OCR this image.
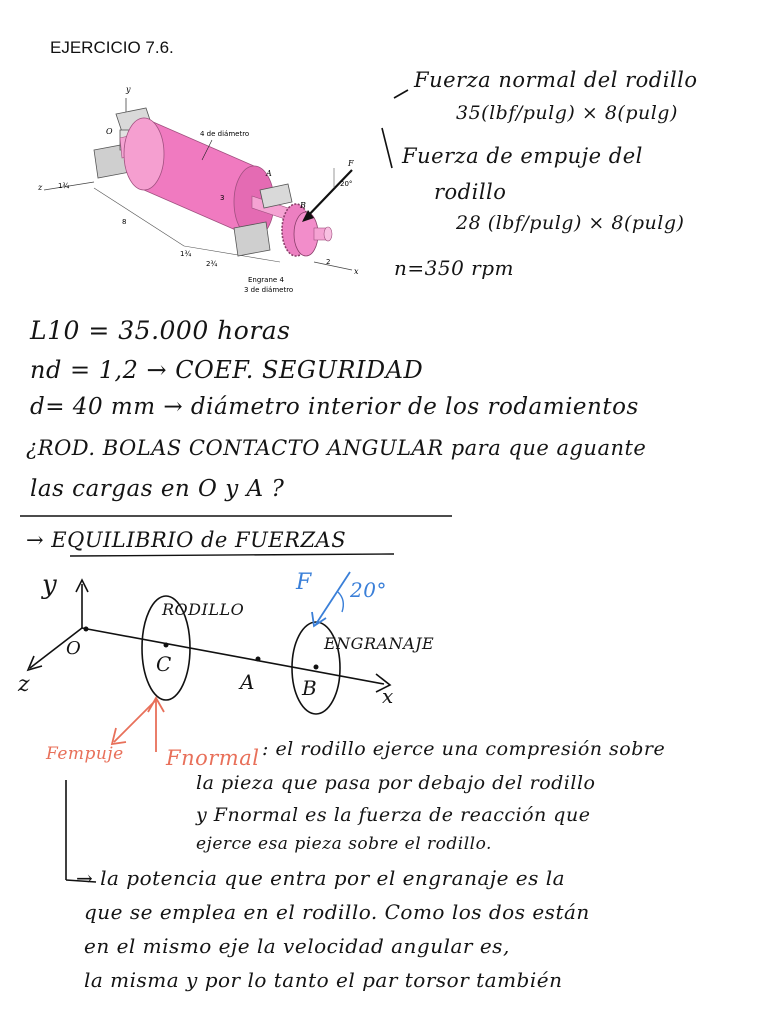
EJERCICIO 7.6.
y
z
x
O
A
B
F
20°
4 de diámetro
3
8
1¾
1¾
2¾	2
Engrane 4
3 de diámetro
Fuerza normal del rodillo
35(lbf/pulg) × 8(pulg)
Fuerza de empuje del
rodillo
28 (lbf/pulg) × 8(pulg)
n=350 rpm
L10 = 35.000 horas
nd = 1,2 → COEF. SEGURIDAD
d= 40 mm → diámetro interior de los rodamientos
¿ROD. BOLAS CONTACTO ANGULAR para que aguante
las cargas en O y A ?
→ EQUILIBRIO de FUERZAS
y
z	x
O
C
A B
RODILLO
ENGRANAJE
F 20°
Fempuje Fnormal : el rodillo ejerce una compresión sobre
la pieza que pasa por debajo del rodillo
y Fnormal es la fuerza de reacción que
ejerce esa pieza sobre el rodillo.
→ la potencia que entra por el engranaje es la
que se emplea en el rodillo. Como los dos están
en el mismo eje la velocidad angular es,
la misma y por lo tanto el par torsor también
